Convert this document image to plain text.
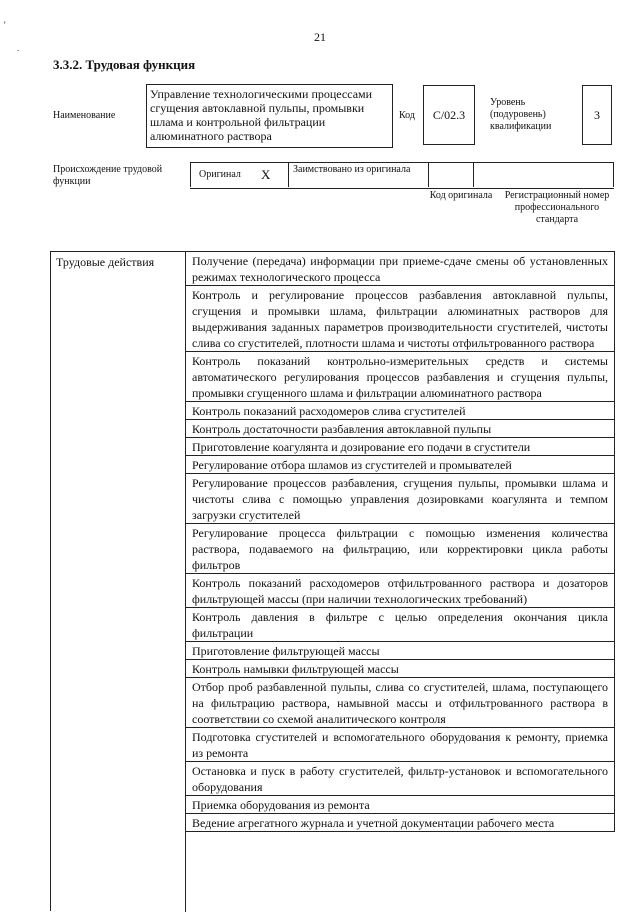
'
.
21
3.3.2. Трудовая функция
Наименование
Управление технологическими процессами сгущения автоклавной пульпы, промывки шлама и контрольной фильтрации алюминатного раствора
Код C/02.3
Уровень (подуровень) квалификации
3
Происхождение трудовой функции
Оригинал X Заимствовано из оригинала
Код оригинала	Регистрационный номер профессионального стандарта
Трудовые действия	Получение (передача) информации при приеме-сдаче смены об установленных режимах технологического процесса
Контроль и регулирование процессов разбавления автоклавной пульпы, сгущения и промывки шлама, фильтрации алюминатных растворов для выдерживания заданных параметров производительности сгустителей, чистоты слива со сгустителей, плотности шлама и чистоты отфильтрованного раствора
Контроль показаний контрольно-измерительных средств и системы автоматического регулирования процессов разбавления и сгущения пульпы, промывки сгущенного шлама и фильтрации алюминатного раствора
Контроль показаний расходомеров слива сгустителей
Контроль достаточности разбавления автоклавной пульпы
Приготовление коагулянта и дозирование его подачи в сгустители
Регулирование отбора шламов из сгустителей и промывателей
Регулирование процессов разбавления, сгущения пульпы, промывки шлама и чистоты слива с помощью управления дозировками коагулянта и темпом загрузки сгустителей
Регулирование процесса фильтрации с помощью изменения количества раствора, подаваемого на фильтрацию, или корректировки цикла работы фильтров
Контроль показаний расходомеров отфильтрованного раствора и дозаторов фильтрующей массы (при наличии технологических требований)
Контроль давления в фильтре с целью определения окончания цикла фильтрации
Приготовление фильтрующей массы
Контроль намывки фильтрующей массы
Отбор проб разбавленной пульпы, слива со сгустителей, шлама, поступающего на фильтрацию раствора, намывной массы и отфильтрованного раствора в соответствии со схемой аналитического контроля
Подготовка сгустителей и вспомогательного оборудования к ремонту, приемка из ремонта
Остановка и пуск в работу сгустителей, фильтр-установок и вспомогательного оборудования
Приемка оборудования из ремонта
Ведение агрегатного журнала и учетной документации рабочего места
